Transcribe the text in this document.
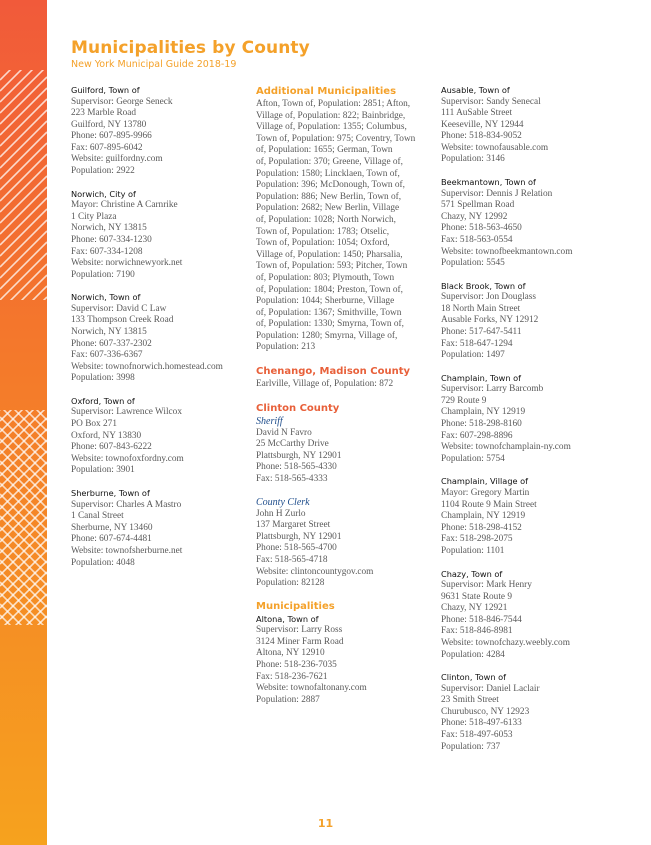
Municipalities by County
New York Municipal Guide 2018-19
Guilford, Town of
Supervisor: George Seneck
223 Marble Road
Guilford, NY 13780
Phone: 607-895-9966
Fax: 607-895-6042
Website: guilfordny.com
Population: 2922
Norwich, City of
Mayor: Christine A Carnrike
1 City Plaza
Norwich, NY 13815
Phone: 607-334-1230
Fax: 607-334-1208
Website: norwichnewyork.net
Population: 7190
Norwich, Town of
Supervisor: David C Law
133 Thompson Creek Road
Norwich, NY 13815
Phone: 607-337-2302
Fax: 607-336-6367
Website: townofnorwich.homestead.com
Population: 3998
Oxford, Town of
Supervisor: Lawrence Wilcox
PO Box 271
Oxford, NY 13830
Phone: 607-843-6222
Website: townofoxfordny.com
Population: 3901
Sherburne, Town of
Supervisor: Charles A Mastro
1 Canal Street
Sherburne, NY 13460
Phone: 607-674-4481
Website: townofsherburne.net
Population: 4048
Additional Municipalities
Afton, Town of, Population: 2851; Afton,
Village of, Population: 822; Bainbridge,
Village of, Population: 1355; Columbus,
Town of, Population: 975; Coventry, Town
of, Population: 1655; German, Town
of, Population: 370; Greene, Village of,
Population: 1580; Lincklaen, Town of,
Population: 396; McDonough, Town of,
Population: 886; New Berlin, Town of,
Population: 2682; New Berlin, Village
of, Population: 1028; North Norwich,
Town of, Population: 1783; Otselic,
Town of, Population: 1054; Oxford,
Village of, Population: 1450; Pharsalia,
Town of, Population: 593; Pitcher, Town
of, Population: 803; Plymouth, Town
of, Population: 1804; Preston, Town of,
Population: 1044; Sherburne, Village
of, Population: 1367; Smithville, Town
of, Population: 1330; Smyrna, Town of,
Population: 1280; Smyrna, Village of,
Population: 213
Chenango, Madison County
Earlville, Village of, Population: 872
Clinton County
Sheriff
David N Favro
25 McCarthy Drive
Plattsburgh, NY 12901
Phone: 518-565-4330
Fax: 518-565-4333
County Clerk
John H Zurlo
137 Margaret Street
Plattsburgh, NY 12901
Phone: 518-565-4700
Fax: 518-565-4718
Website: clintoncountygov.com
Population: 82128
Municipalities
Altona, Town of
Supervisor: Larry Ross
3124 Miner Farm Road
Altona, NY 12910
Phone: 518-236-7035
Fax: 518-236-7621
Website: townofaltonany.com
Population: 2887
Ausable, Town of
Supervisor: Sandy Senecal
111 AuSable Street
Keeseville, NY 12944
Phone: 518-834-9052
Website: townofausable.com
Population: 3146
Beekmantown, Town of
Supervisor: Dennis J Relation
571 Spellman Road
Chazy, NY 12992
Phone: 518-563-4650
Fax: 518-563-0554
Website: townofbeekmantown.com
Population: 5545
Black Brook, Town of
Supervisor: Jon Douglass
18 North Main Street
Ausable Forks, NY 12912
Phone: 517-647-5411
Fax: 518-647-1294
Population: 1497
Champlain, Town of
Supervisor: Larry Barcomb
729 Route 9
Champlain, NY 12919
Phone: 518-298-8160
Fax: 607-298-8896
Website: townofchamplain-ny.com
Population: 5754
Champlain, Village of
Mayor: Gregory Martin
1104 Route 9 Main Street
Champlain, NY 12919
Phone: 518-298-4152
Fax: 518-298-2075
Population: 1101
Chazy, Town of
Supervisor: Mark Henry
9631 State Route 9
Chazy, NY 12921
Phone: 518-846-7544
Fax: 518-846-8981
Website: townofchazy.weebly.com
Population: 4284
Clinton, Town of
Supervisor: Daniel Laclair
23 Smith Street
Churubusco, NY 12923
Phone: 518-497-6133
Fax: 518-497-6053
Population: 737
11
